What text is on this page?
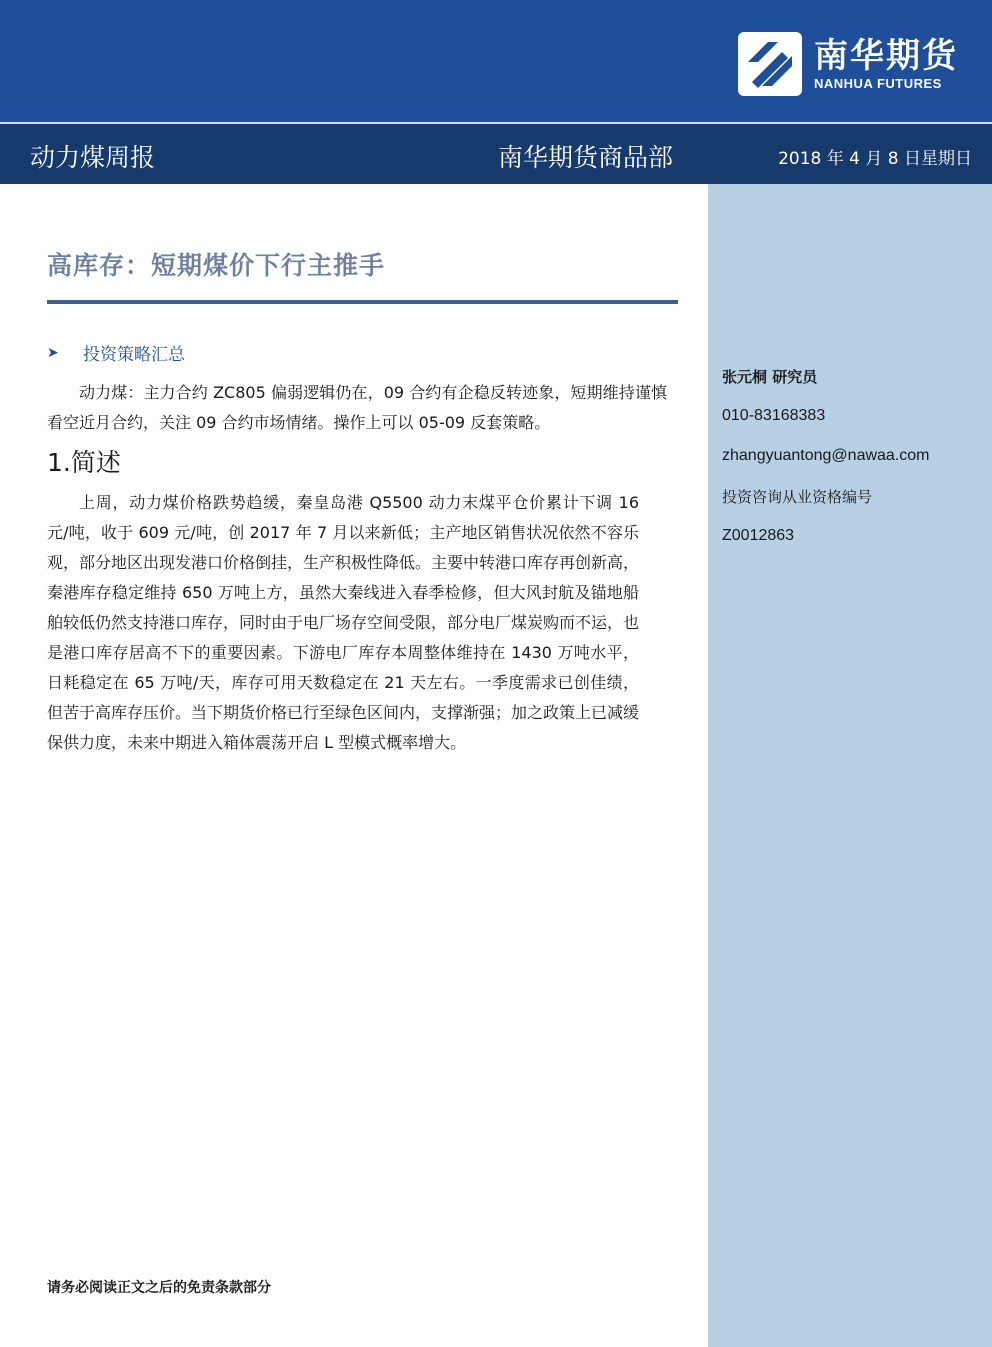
南华期货
NANHUA FUTURES
动力煤周报	南华期货商品部	2018 年 4 月 8 日星期日
张元桐 研究员
010-83168383
zhangyuantong@nawaa.com
投资咨询从业资格编号
Z0012863
高库存：短期煤价下行主推手
➤	投资策略汇总

动力煤：主力合约 ZC805 偏弱逻辑仍在，09 合约有企稳反转迹象，短期维持谨慎看空近月合约，关注 09 合约市场情绪。操作上可以 05-09 反套策略。

1.简述

上周，动力煤价格跌势趋缓，秦皇岛港 Q5500 动力末煤平仓价累计下调 16 元/吨，收于 609 元/吨，创 2017 年 7 月以来新低；主产地区销售状况依然不容乐观，部分地区出现发港口价格倒挂，生产积极性降低。主要中转港口库存再创新高，秦港库存稳定维持 650 万吨上方，虽然大秦线进入春季检修，但大风封航及锚地船舶较低仍然支持港口库存，同时由于电厂场存空间受限，部分电厂煤炭购而不运，也是港口库存居高不下的重要因素。下游电厂库存本周整体维持在 1430 万吨水平，日耗稳定在 65 万吨/天，库存可用天数稳定在 21 天左右。一季度需求已创佳绩，但苦于高库存压价。当下期货价格已行至绿色区间内，支撑渐强；加之政策上已减缓保供力度，未来中期进入箱体震荡开启 L 型模式概率增大。

请务必阅读正文之后的免责条款部分
